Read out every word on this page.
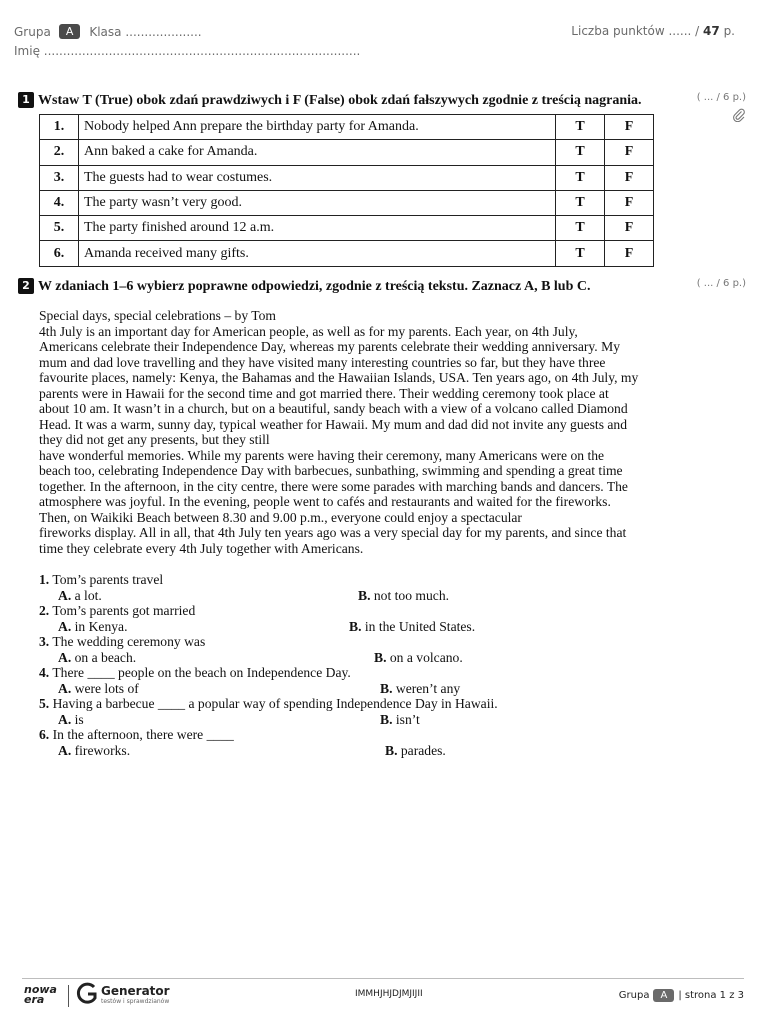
Grupa	A	Klasa ....................	Liczba punktów ...... / 47 p.
Imię ...................................................................................
1 Wstaw T (True) obok zdań prawdziwych i F (False) obok zdań fałszywych zgodnie z treścią nagrania.	( ... / 6 p.)
1.	Nobody helped Ann prepare the birthday party for Amanda.	T	F
2.	Ann baked a cake for Amanda.	T	F
3.	The guests had to wear costumes.	T	F
4.	The party wasn’t very good.	T	F
5.	The party finished around 12 a.m.	T	F
6.	Amanda received many gifts.	T	F
2 W zdaniach 1–6 wybierz poprawne odpowiedzi, zgodnie z treścią tekstu. Zaznacz A, B lub C.	( ... / 6 p.)
Special days, special celebrations – by Tom
4th July is an important day for American people, as well as for my parents. Each year, on 4th July,
Americans celebrate their Independence Day, whereas my parents celebrate their wedding anniversary. My
mum and dad love travelling and they have visited many interesting countries so far, but they have three
favourite places, namely: Kenya, the Bahamas and the Hawaiian Islands, USA. Ten years ago, on 4th July, my
parents were in Hawaii for the second time and got married there. Their wedding ceremony took place at
about 10 am. It wasn’t in a church, but on a beautiful, sandy beach with a view of a volcano called Diamond
Head. It was a warm, sunny day, typical weather for Hawaii. My mum and dad did not invite any guests and
they did not get any presents, but they still
have wonderful memories. While my parents were having their ceremony, many Americans were on the
beach too, celebrating Independence Day with barbecues, sunbathing, swimming and spending a great time
together. In the afternoon, in the city centre, there were some parades with marching bands and dancers. The
atmosphere was joyful. In the evening, people went to cafés and restaurants and waited for the fireworks.
Then, on Waikiki Beach between 8.30 and 9.00 p.m., everyone could enjoy a spectacular
fireworks display. All in all, that 4th July ten years ago was a very special day for my parents, and since that
time they celebrate every 4th July together with Americans.
1. Tom’s parents travel
A. a lot.	B. not too much.
2. Tom’s parents got married
A. in Kenya.	B. in the United States.
3. The wedding ceremony was
A. on a beach.	B. on a volcano.
4. There ____ people on the beach on Independence Day.
A. were lots of	B. weren’t any
5. Having a barbecue ____ a popular way of spending Independence Day in Hawaii.
A. is	B. isn’t
6. In the afternoon, there were ____
A. fireworks.	B. parades.
nowa
era
Generator
testów i sprawdzianów
IMMHJHJDJMJIJII	Grupa	A	| strona 1 z 3
